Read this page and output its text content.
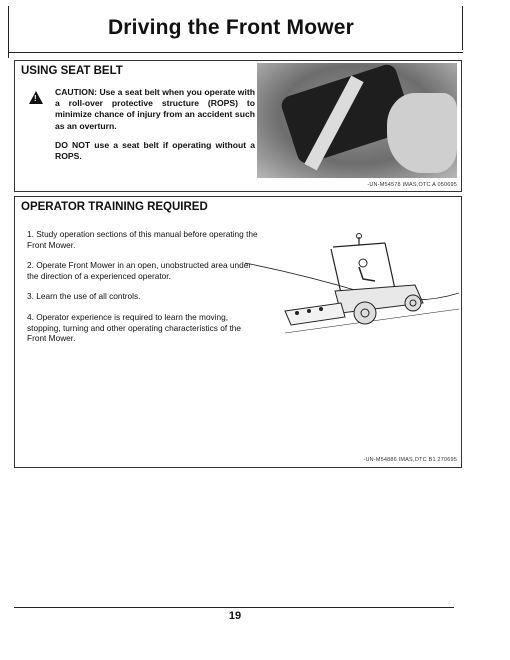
Driving the Front Mower
USING SEAT BELT
!
CAUTION: Use a seat belt when you operate with a roll-over protective structure (ROPS) to minimize chance of injury from an accident such as an overturn.
DO NOT use a seat belt if operating without a ROPS.
-UN-M54578 IMAS,OTC A 050695
OPERATOR TRAINING REQUIRED

1. Study operation sections of this manual before operating the Front Mower.

2. Operate Front Mower in an open, unobstructed area under the direction of a experienced operator.

3. Learn the use of all controls.

4. Operator experience is required to learn the moving, stopping, turning and other operating characteristics of the Front Mower.

-UN-M54886 IMAS,OTC B1 270695
19
